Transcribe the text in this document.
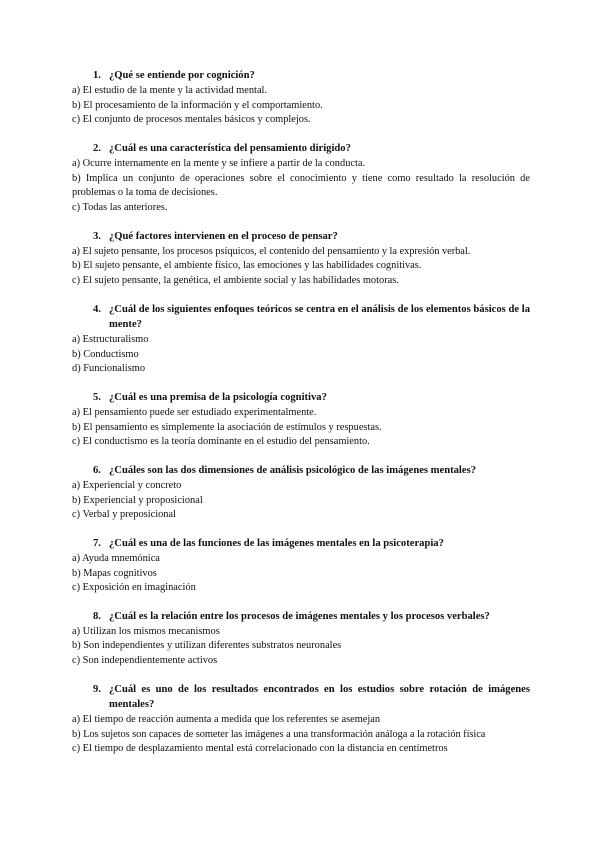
1. ¿Qué se entiende por cognición?
a) El estudio de la mente y la actividad mental.
b) El procesamiento de la información y el comportamiento.
c) El conjunto de procesos mentales básicos y complejos.
2. ¿Cuál es una característica del pensamiento dirigido?
a) Ocurre internamente en la mente y se infiere a partir de la conducta.
b) Implica un conjunto de operaciones sobre el conocimiento y tiene como resultado la resolución de problemas o la toma de decisiones.
c) Todas las anteriores.
3. ¿Qué factores intervienen en el proceso de pensar?
a) El sujeto pensante, los procesos psíquicos, el contenido del pensamiento y la expresión verbal.
b) El sujeto pensante, el ambiente físico, las emociones y las habilidades cognitivas.
c) El sujeto pensante, la genética, el ambiente social y las habilidades motoras.
4. ¿Cuál de los siguientes enfoques teóricos se centra en el análisis de los elementos básicos de la mente?
a) Estructuralismo
b) Conductismo
d) Funcionalismo
5. ¿Cuál es una premisa de la psicología cognitiva?
a) El pensamiento puede ser estudiado experimentalmente.
b) El pensamiento es simplemente la asociación de estímulos y respuestas.
c) El conductismo es la teoría dominante en el estudio del pensamiento.
6. ¿Cuáles son las dos dimensiones de análisis psicológico de las imágenes mentales?
a) Experiencial y concreto
b) Experiencial y proposicional
c) Verbal y preposicional
7. ¿Cuál es una de las funciones de las imágenes mentales en la psicoterapia?
a) Ayuda mnemónica
b) Mapas cognitivos
c) Exposición en imaginación
8. ¿Cuál es la relación entre los procesos de imágenes mentales y los procesos verbales?
a) Utilizan los mismos mecanismos
b) Son independientes y utilizan diferentes substratos neuronales
c) Son independientemente activos
9. ¿Cuál es uno de los resultados encontrados en los estudios sobre rotación de imágenes mentales?
a) El tiempo de reacción aumenta a medida que los referentes se asemejan
b) Los sujetos son capaces de someter las imágenes a una transformación análoga a la rotación física
c) El tiempo de desplazamiento mental está correlacionado con la distancia en centímetros
